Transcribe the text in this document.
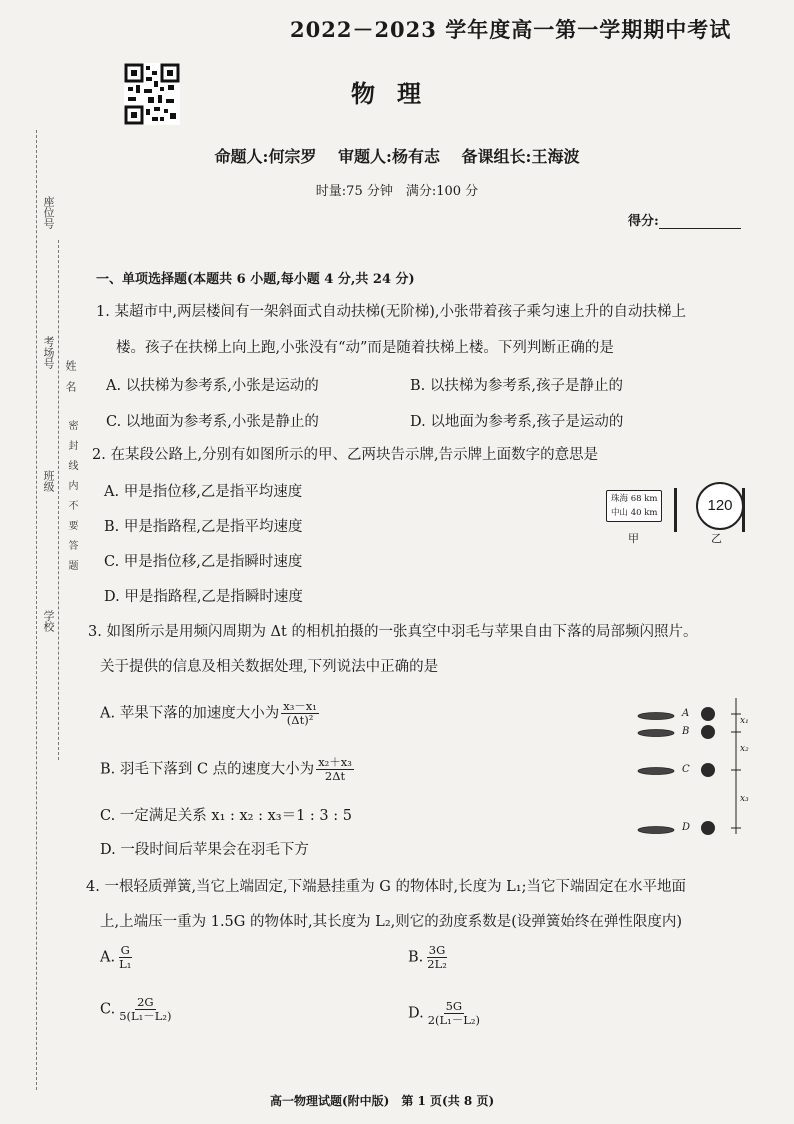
2022－2023 学年度高一第一学期期中考试
物理
命题人:何宗罗 审题人:杨有志 备课组长:王海波
时量:75 分钟　满分:100 分
得分:
座位号
考场号
姓名
密　封　线　内　不　要　答　题
班级
学校
一、单项选择题(本题共 6 小题,每小题 4 分,共 24 分)
1. 某超市中,两层楼间有一架斜面式自动扶梯(无阶梯),小张带着孩子乘匀速上升的自动扶梯上
楼。孩子在扶梯上向上跑,小张没有“动”而是随着扶梯上楼。下列判断正确的是
A. 以扶梯为参考系,小张是运动的	B. 以扶梯为参考系,孩子是静止的
C. 以地面为参考系,小张是静止的	D. 以地面为参考系,孩子是运动的
2. 在某段公路上,分别有如图所示的甲、乙两块告示牌,告示牌上面数字的意思是
A. 甲是指位移,乙是指平均速度
B. 甲是指路程,乙是指平均速度
C. 甲是指位移,乙是指瞬时速度
D. 甲是指路程,乙是指瞬时速度
珠海 68 km
中山 40 km	120
甲	乙
3. 如图所示是用频闪周期为 Δt 的相机拍摄的一张真空中羽毛与苹果自由下落的局部频闪照片。
关于提供的信息及相关数据处理,下列说法中正确的是
A. 苹果下落的加速度大小为 $\frac{\text{x₃－x₁}}{\text{(Δt)²}}$
B. 羽毛下落到 C 点的速度大小为 $\frac{\text{x₂＋x₃}}{2\Delta t}$
C. 一定满足关系 x₁ : x₂ : x₃＝1 : 3 : 5
D. 一段时间后苹果会在羽毛下方
A
B
C
D
x₁
x₂
x₃
4. 一根轻质弹簧,当它上端固定,下端悬挂重为 G 的物体时,长度为 L₁;当它下端固定在水平地面
上,上端压一重为 1.5G 的物体时,其长度为 L₂,则它的劲度系数是(设弹簧始终在弹性限度内)
A. $\frac{G}{\text{L₁}}$	B. $\frac{3G}{\text{2L₂}}$
C. $\frac{2G}{\text{5(L₁－L₂)}}$	D. $\frac{5G}{\text{2(L₁－L₂)}}$
高一物理试题(附中版)　第 1 页(共 8 页)
